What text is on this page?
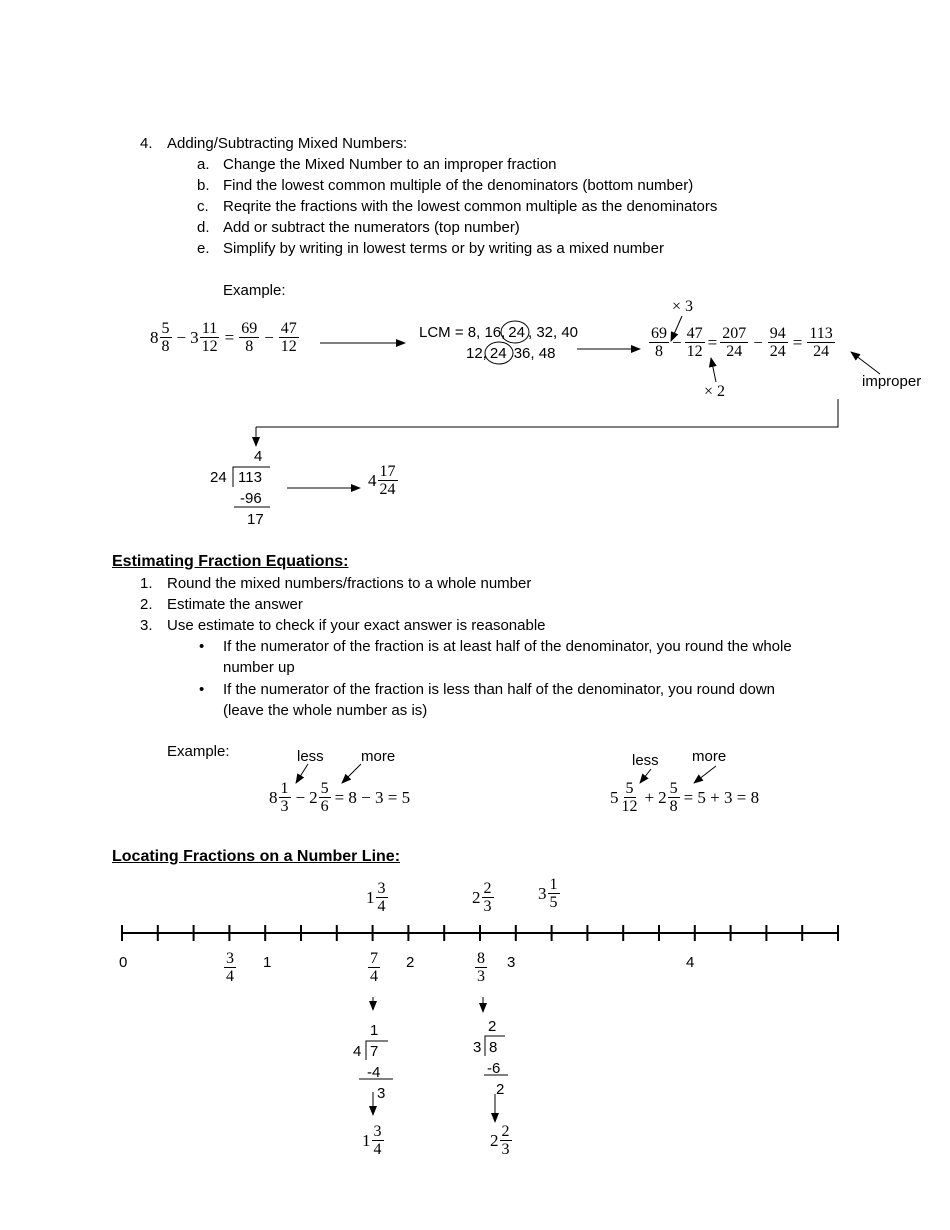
4. Adding/Subtracting Mixed Numbers:
a. Change the Mixed Number to an improper fraction
b. Find the lowest common multiple of the denominators (bottom number)
c. Reqrite the fractions with the lowest common multiple as the denominators
d. Add or subtract the numerators (top number)
e. Simplify by writing in lowest terms or by writing as a mixed number
Example:
$8 \frac{5}{8} - 3 \frac{11}{12} = \frac{69}{8} - \frac{47}{12}$	LCM = 8, 16, 24 , 32, 40
12, 24 36, 48	$\frac{69}{8} - \frac{47}{12} = \frac{207}{24} - \frac{94}{24} = \frac{113}{24}$
× 3
× 2
improper
4
24 113
-96
17
$4 \frac{17}{24}$
Estimating Fraction Equations:
1. Round the mixed numbers/fractions to a whole number
2. Estimate the answer
3. Use estimate to check if your exact answer is reasonable
• If the numerator of the fraction is at least half of the denominator, you round the whole
number up
• If the numerator of the fraction is less than half of the denominator, you round down
(leave the whole number as is)
Example:	less more
$8 \frac{1}{3} - 2 \frac{5}{6} = 8 - 3 = 5$
less more
$5 \frac{5}{12} + 2 \frac{5}{8} = 5 + 3 = 8$
Locating Fractions on a Number Line:
$1 \frac{3}{4}$	$2 \frac{2}{3}$	$3 \frac{1}{5}$
0	1	2	3	4
$\frac{3}{4}$	$\frac{7}{4}$	$\frac{8}{3}$
1
4 7
-4
3
$1 \frac{3}{4}$
2
3 8
-6
2
$2 \frac{2}{3}$
